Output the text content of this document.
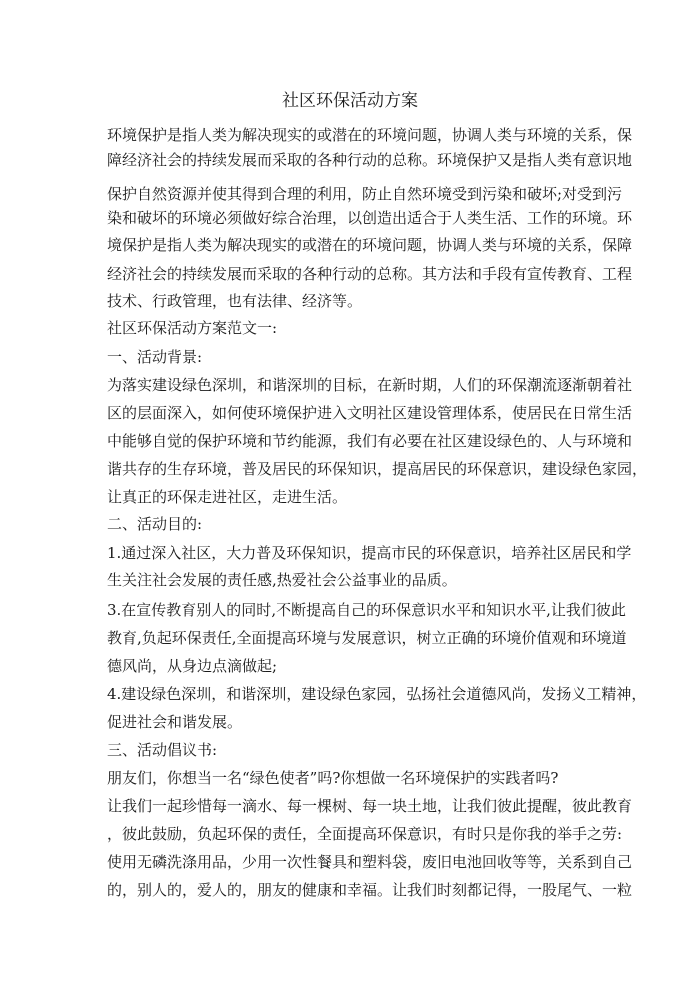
社区环保活动方案
环境保护是指人类为解决现实的或潜在的环境问题，协调人类与环境的关系，保
障经济社会的持续发展而采取的各种行动的总称。环境保护又是指人类有意识地
保护自然资源并使其得到合理的利用，防止自然环境受到污染和破坏;对受到污
染和破坏的环境必须做好综合治理，以创造出适合于人类生活、工作的环境。环
境保护是指人类为解决现实的或潜在的环境问题，协调人类与环境的关系，保障
经济社会的持续发展而采取的各种行动的总称。其方法和手段有宣传教育、工程
技术、行政管理，也有法律、经济等。
社区环保活动方案范文一:
一、活动背景:
为落实建设绿色深圳，和谐深圳的目标，在新时期，人们的环保潮流逐渐朝着社
区的层面深入，如何使环境保护进入文明社区建设管理体系，使居民在日常生活
中能够自觉的保护环境和节约能源，我们有必要在社区建设绿色的、人与环境和
谐共存的生存环境，普及居民的环保知识，提高居民的环保意识，建设绿色家园，
让真正的环保走进社区，走进生活。
二、活动目的:
1.通过深入社区，大力普及环保知识，提高市民的环保意识，培养社区居民和学
生关注社会发展的责任感,热爱社会公益事业的品质。
3.在宣传教育别人的同时,不断提高自己的环保意识水平和知识水平,让我们彼此
教育,负起环保责任,全面提高环境与发展意识，树立正确的环境价值观和环境道
德风尚，从身边点滴做起;
4.建设绿色深圳，和谐深圳，建设绿色家园，弘扬社会道德风尚，发扬义工精神，
促进社会和谐发展。
三、活动倡议书:
朋友们，你想当一名“绿色使者”吗?你想做一名环境保护的实践者吗?
让我们一起珍惜每一滴水、每一棵树、每一块土地，让我们彼此提醒，彼此教育
，彼此鼓励，负起环保的责任，全面提高环保意识，有时只是你我的举手之劳:
使用无磷洗涤用品，少用一次性餐具和塑料袋，废旧电池回收等等，关系到自己
的，别人的，爱人的，朋友的健康和幸福。让我们时刻都记得，一股尾气、一粒
